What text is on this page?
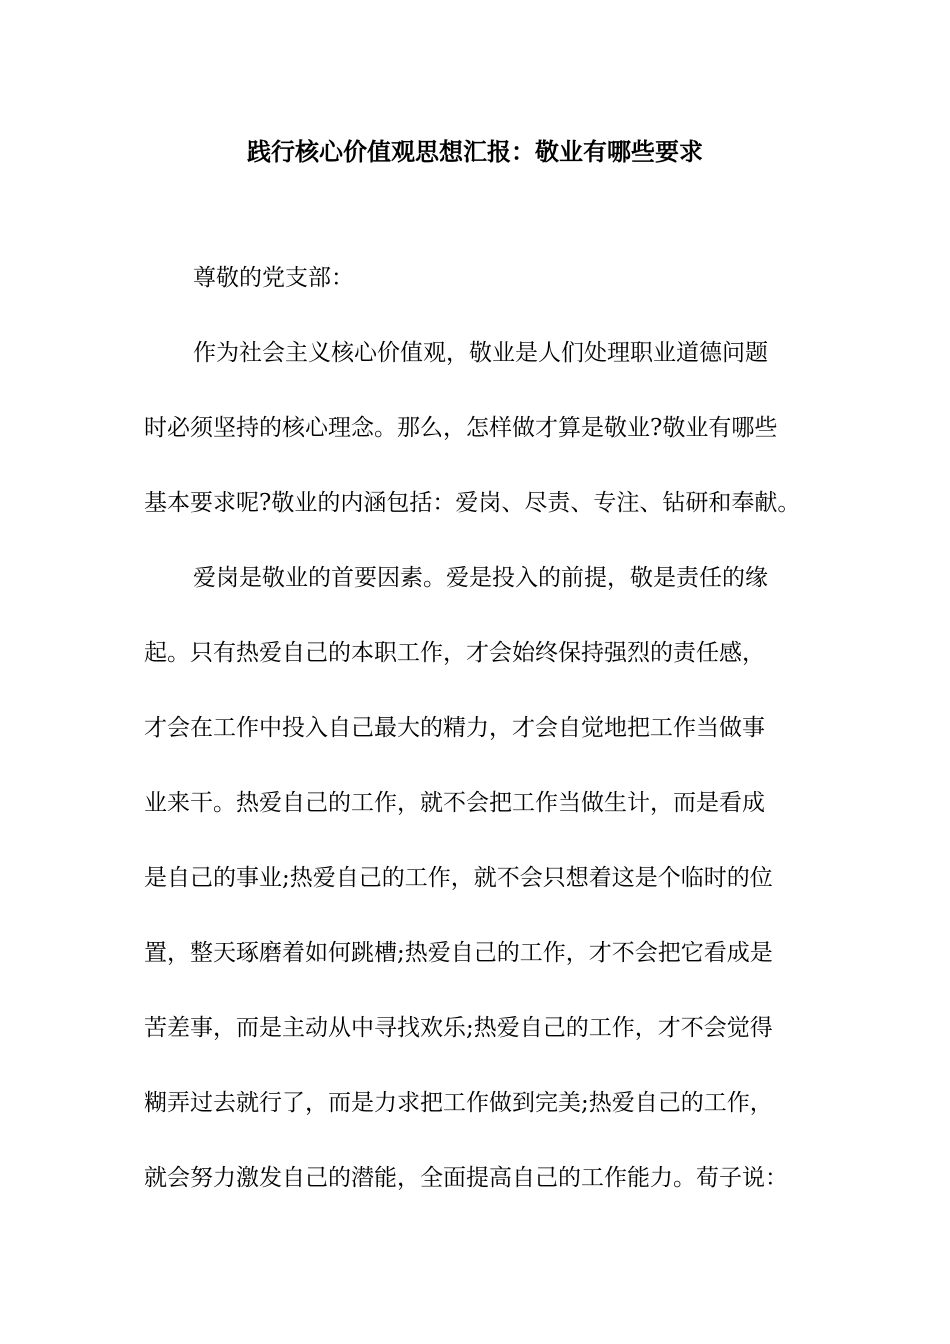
践行核心价值观思想汇报：敬业有哪些要求
尊敬的党支部：
作为社会主义核心价值观，敬业是人们处理职业道德问题
时必须坚持的核心理念。那么，怎样做才算是敬业?敬业有哪些
基本要求呢?敬业的内涵包括：爱岗、尽责、专注、钻研和奉献。
爱岗是敬业的首要因素。爱是投入的前提，敬是责任的缘
起。只有热爱自己的本职工作，才会始终保持强烈的责任感，
才会在工作中投入自己最大的精力，才会自觉地把工作当做事
业来干。热爱自己的工作，就不会把工作当做生计，而是看成
是自己的事业;热爱自己的工作，就不会只想着这是个临时的位
置，整天琢磨着如何跳槽;热爱自己的工作，才不会把它看成是
苦差事，而是主动从中寻找欢乐;热爱自己的工作，才不会觉得
糊弄过去就行了，而是力求把工作做到完美;热爱自己的工作，
就会努力激发自己的潜能，全面提高自己的工作能力。荀子说：
